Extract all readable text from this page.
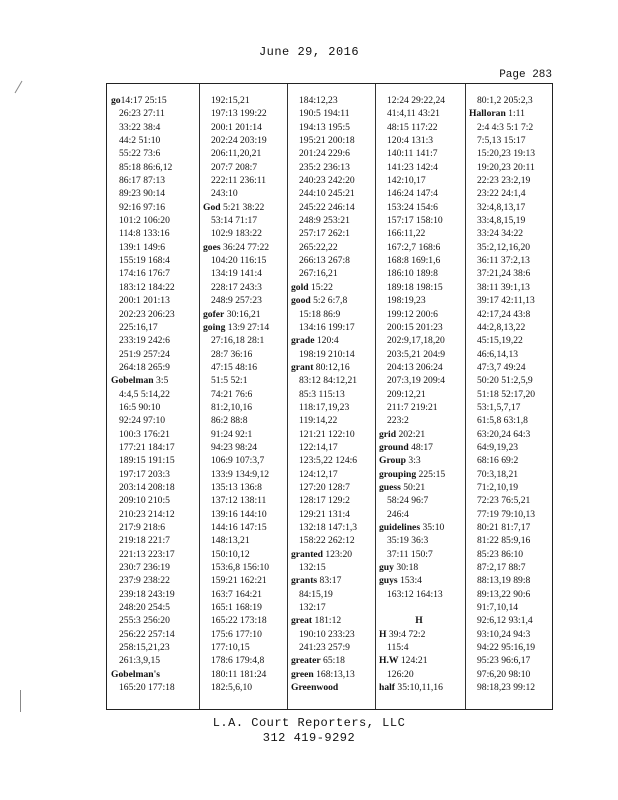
June 29, 2016
Page 283
go14:17 25:15
26:23 27:11
33:22 38:4
44:2 51:10
55:22 73:6
85:18 86:6,12
86:17 87:13
89:23 90:14
92:16 97:16
101:2 106:20
114:8 133:16
139:1 149:6
155:19 168:4
174:16 176:7
183:12 184:22
200:1 201:13
202:23 206:23
225:16,17
233:19 242:6
251:9 257:24
264:18 265:9
Gobelman 3:5
4:4,5 5:14,22
16:5 90:10
92:24 97:10
100:3 176:21
177:21 184:17
189:15 191:15
197:17 203:3
203:14 208:18
209:10 210:5
210:23 214:12
217:9 218:6
219:18 221:7
221:13 223:17
230:7 236:19
237:9 238:22
239:18 243:19
248:20 254:5
255:3 256:20
256:22 257:14
258:15,21,23
261:3,9,15
Gobelman's
165:20 177:18
192:15,21
197:13 199:22
200:1 201:14
202:24 203:19
206:11,20,21
207:7 208:7
222:11 236:11
243:10
God 5:21 38:22
53:14 71:17
102:9 183:22
goes 36:24 77:22
104:20 116:15
134:19 141:4
228:17 243:3
248:9 257:23
gofer 30:16,21
going 13:9 27:14
27:16,18 28:1
28:7 36:16
47:15 48:16
51:5 52:1
74:21 76:6
81:2,10,16
86:2 88:8
91:24 92:1
94:23 98:24
106:9 107:3,7
133:9 134:9,12
135:13 136:8
137:12 138:11
139:16 144:10
144:16 147:15
148:13,21
150:10,12
153:6,8 156:10
159:21 162:21
163:7 164:21
165:1 168:19
165:22 173:18
175:6 177:10
177:10,15
178:6 179:4,8
180:11 181:24
182:5,6,10
184:12,23
190:5 194:11
194:13 195:5
195:21 200:18
201:24 229:6
235:2 236:13
240:23 242:20
244:10 245:21
245:22 246:14
248:9 253:21
257:17 262:1
265:22,22
266:13 267:8
267:16,21
gold 15:22
good 5:2 6:7,8
15:18 86:9
134:16 199:17
grade 120:4
198:19 210:14
grant 80:12,16
83:12 84:12,21
85:3 115:13
118:17,19,23
119:14,22
121:21 122:10
122:14,17
123:5,22 124:6
124:12,17
127:20 128:7
128:17 129:2
129:21 131:4
132:18 147:1,3
158:22 262:12
granted 123:20
132:15
grants 83:17
84:15,19
132:17
great 181:12
190:10 233:23
241:23 257:9
greater 65:18
green 168:13,13
Greenwood
12:24 29:22,24
41:4,11 43:21
48:15 117:22
120:4 131:3
140:11 141:7
141:23 142:4
142:10,17
146:24 147:4
153:24 154:6
157:17 158:10
166:11,22
167:2,7 168:6
168:8 169:1,6
186:10 189:8
189:18 198:15
198:19,23
199:12 200:6
200:15 201:23
202:9,17,18,20
203:5,21 204:9
204:13 206:24
207:3,19 209:4
209:12,21
211:7 219:21
223:2
grid 202:21
ground 48:17
Group 3:3
grouping 225:15
guess 50:21
58:24 96:7
246:4
guidelines 35:10
35:19 36:3
37:11 150:7
guy 30:18
guys 153:4
163:12 164:13
H
H 39:4 72:2
115:4
H.W 124:21
126:20
half 35:10,11,16
80:1,2 205:2,3
Halloran 1:11
2:4 4:3 5:1 7:2
7:5,13 15:17
15:20,23 19:13
19:20,23 20:11
22:23 23:2,19
23:22 24:1,4
32:4,8,13,17
33:4,8,15,19
33:24 34:22
35:2,12,16,20
36:11 37:2,13
37:21,24 38:6
38:11 39:1,13
39:17 42:11,13
42:17,24 43:8
44:2,8,13,22
45:15,19,22
46:6,14,13
47:3,7 49:24
50:20 51:2,5,9
51:18 52:17,20
53:1,5,7,17
61:5,8 63:1,8
63:20,24 64:3
64:9,19,23
68:16 69:2
70:3,18,21
71:2,10,19
72:23 76:5,21
77:19 79:10,13
80:21 81:7,17
81:22 85:9,16
85:23 86:10
87:2,17 88:7
88:13,19 89:8
89:13,22 90:6
91:7,10,14
92:6,12 93:1,4
93:10,24 94:3
94:22 95:16,19
95:23 96:6,17
97:6,20 98:10
98:18,23 99:12
L.A. Court Reporters, LLC
312 419-9292
